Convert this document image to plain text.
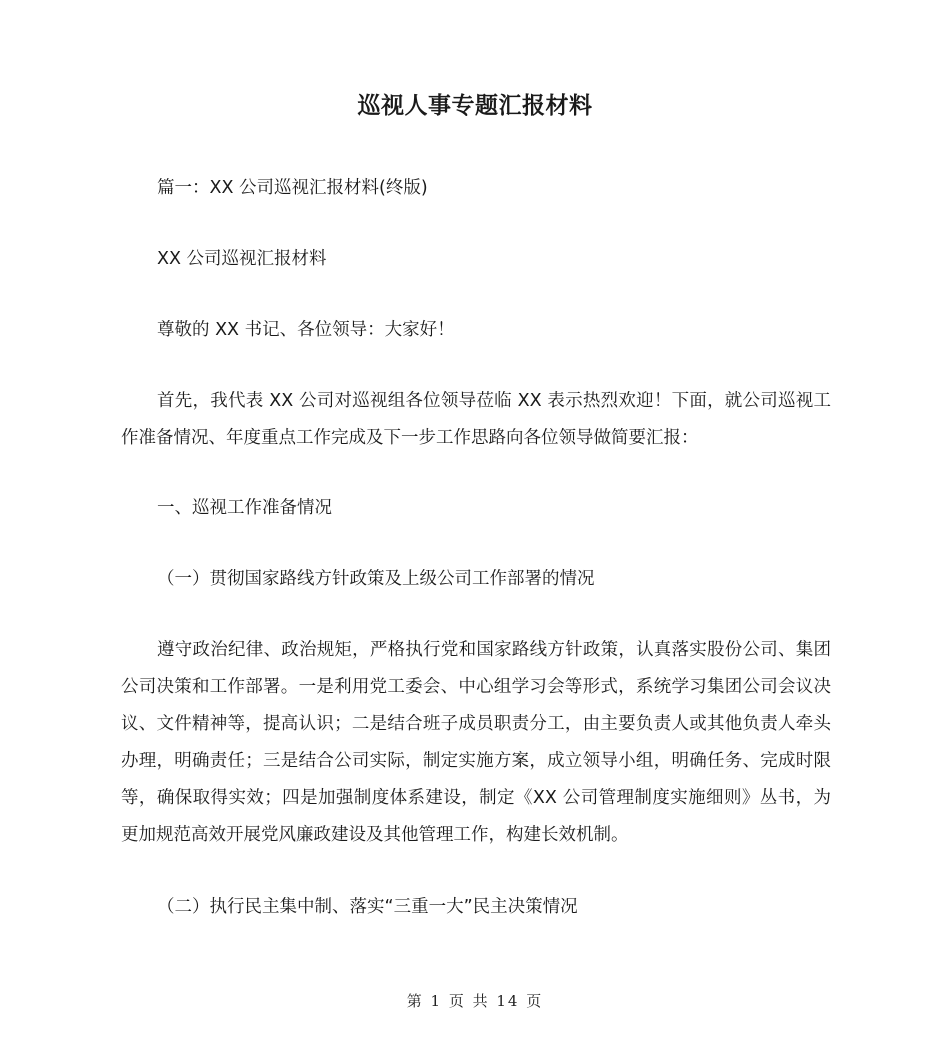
巡视人事专题汇报材料

篇一：XX 公司巡视汇报材料(终版)

XX 公司巡视汇报材料

尊敬的 XX 书记、各位领导：大家好！

首先，我代表 XX 公司对巡视组各位领导莅临 XX 表示热烈欢迎！下面，就公司巡视工作准备情况、年度重点工作完成及下一步工作思路向各位领导做简要汇报：

一、巡视工作准备情况

（一）贯彻国家路线方针政策及上级公司工作部署的情况

遵守政治纪律、政治规矩，严格执行党和国家路线方针政策，认真落实股份公司、集团公司决策和工作部署。一是利用党工委会、中心组学习会等形式，系统学习集团公司会议决议、文件精神等，提高认识；二是结合班子成员职责分工，由主要负责人或其他负责人牵头办理，明确责任；三是结合公司实际，制定实施方案，成立领导小组，明确任务、完成时限等，确保取得实效；四是加强制度体系建设，制定《XX 公司管理制度实施细则》丛书，为更加规范高效开展党风廉政建设及其他管理工作，构建长效机制。

（二）执行民主集中制、落实“三重一大”民主决策情况

第 1 页 共 14 页
